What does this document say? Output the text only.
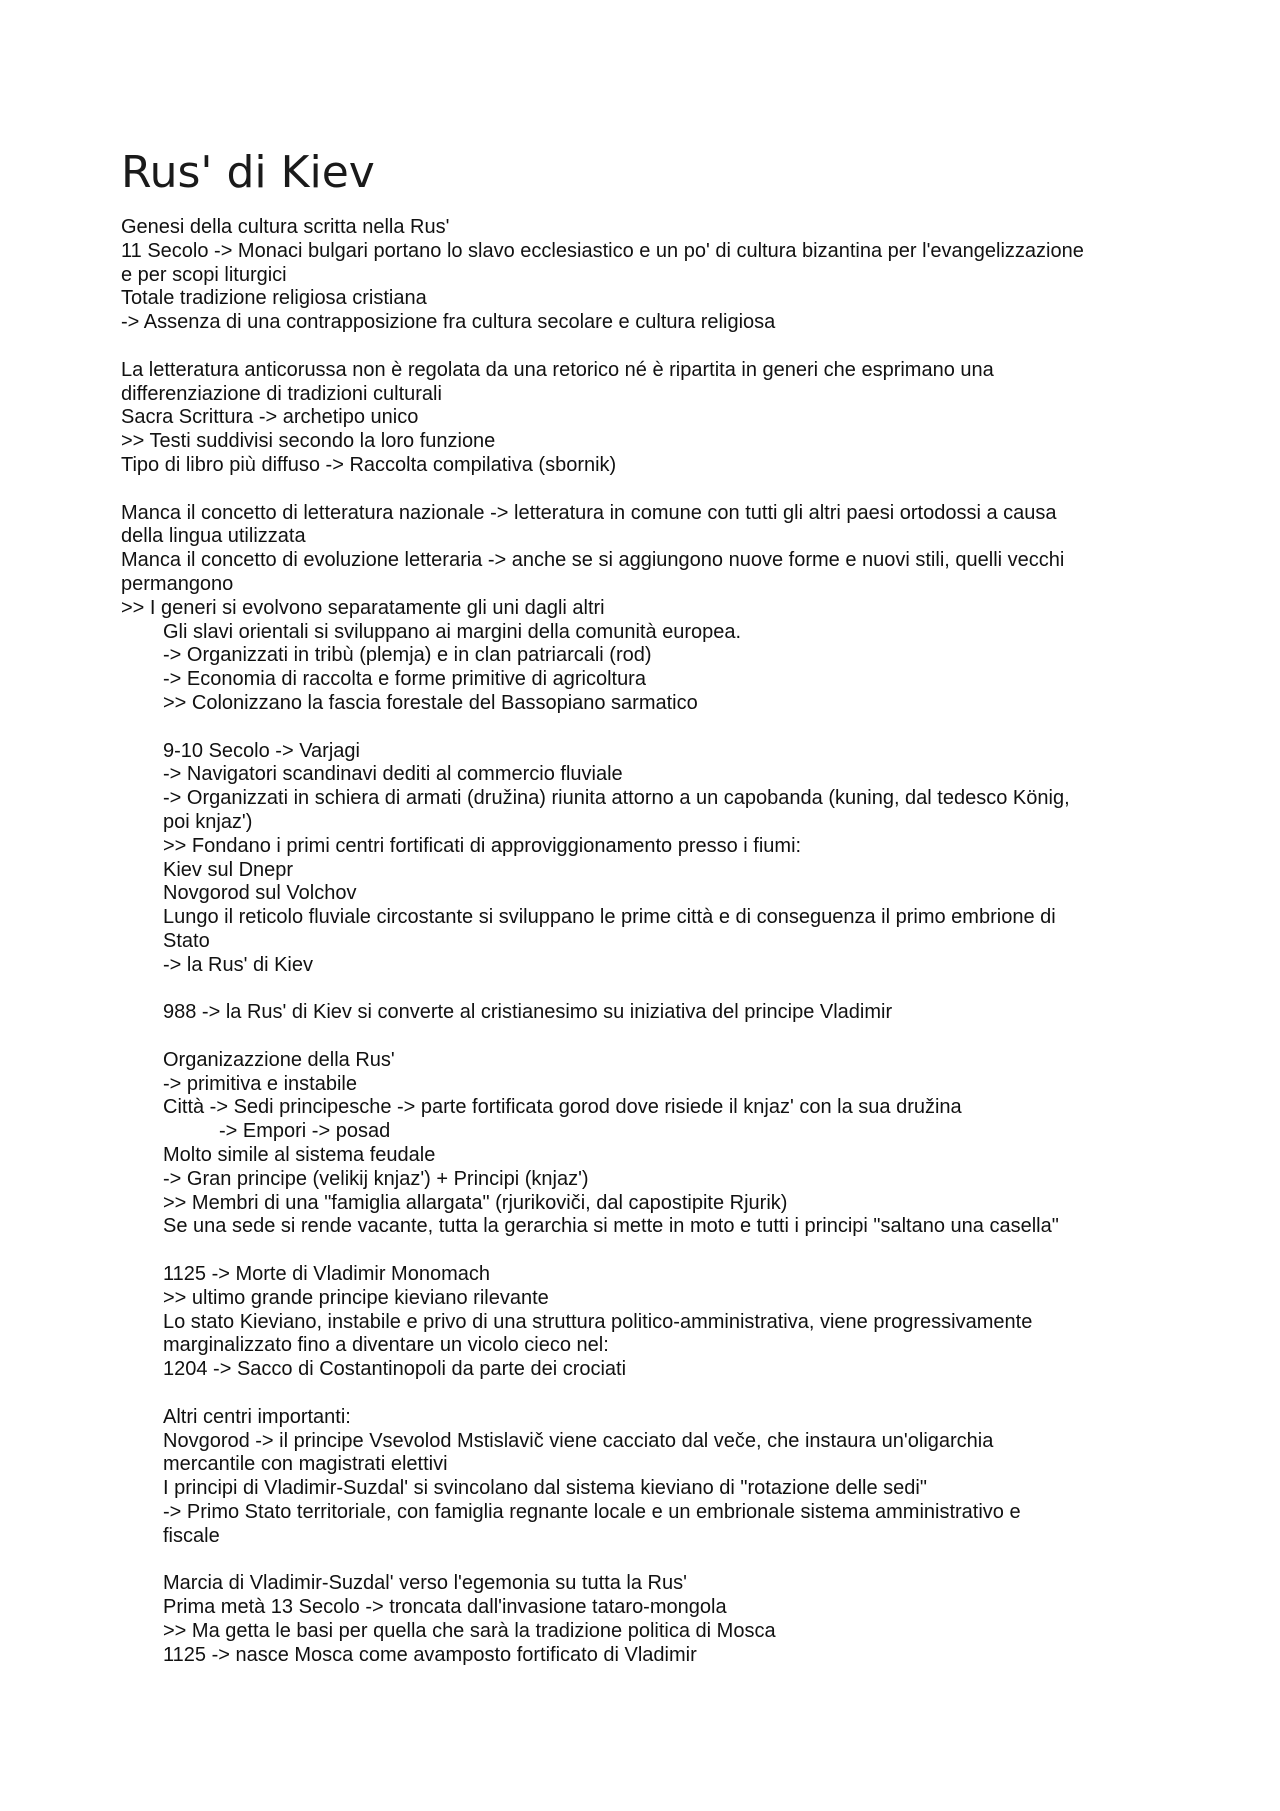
Rus' di Kiev
Genesi della cultura scritta nella Rus'
11 Secolo -> Monaci bulgari portano lo slavo ecclesiastico e un po' di cultura bizantina per l'evangelizzazione
e per scopi liturgici
Totale tradizione religiosa cristiana
-> Assenza di una contrapposizione fra cultura secolare e cultura religiosa
La letteratura anticorussa non è regolata da una retorico né è ripartita in generi che esprimano una
differenziazione di tradizioni culturali
Sacra Scrittura -> archetipo unico
>> Testi suddivisi secondo la loro funzione
Tipo di libro più diffuso -> Raccolta compilativa (sbornik)
Manca il concetto di letteratura nazionale -> letteratura in comune con tutti gli altri paesi ortodossi a causa
della lingua utilizzata
Manca il concetto di evoluzione letteraria -> anche se si aggiungono nuove forme e nuovi stili, quelli vecchi
permangono
>> I generi si evolvono separatamente gli uni dagli altri
Gli slavi orientali si sviluppano ai margini della comunità europea.
-> Organizzati in tribù (plemja) e in clan patriarcali (rod)
-> Economia di raccolta e forme primitive di agricoltura
>> Colonizzano la fascia forestale del Bassopiano sarmatico
9-10 Secolo -> Varjagi
-> Navigatori scandinavi dediti al commercio fluviale
-> Organizzati in schiera di armati (družina) riunita attorno a un capobanda (kuning, dal tedesco König,
poi knjaz')
>> Fondano i primi centri fortificati di approviggionamento presso i fiumi:
Kiev sul Dnepr
Novgorod sul Volchov
Lungo il reticolo fluviale circostante si sviluppano le prime città e di conseguenza il primo embrione di
Stato
-> la Rus' di Kiev
988 -> la Rus' di Kiev si converte al cristianesimo su iniziativa del principe Vladimir
Organizazzione della Rus'
-> primitiva e instabile
Città -> Sedi principesche -> parte fortificata gorod dove risiede il knjaz' con la sua družina
-> Empori -> posad
Molto simile al sistema feudale
-> Gran principe (velikij knjaz') + Principi (knjaz')
>> Membri di una "famiglia allargata" (rjurikoviči, dal capostipite Rjurik)
Se una sede si rende vacante, tutta la gerarchia si mette in moto e tutti i principi "saltano una casella"
1125 -> Morte di Vladimir Monomach
>> ultimo grande principe kieviano rilevante
Lo stato Kieviano, instabile e privo di una struttura politico-amministrativa, viene progressivamente
marginalizzato fino a diventare un vicolo cieco nel:
1204 -> Sacco di Costantinopoli da parte dei crociati
Altri centri importanti:
Novgorod -> il principe Vsevolod Mstislavič viene cacciato dal veče, che instaura un'oligarchia
mercantile con magistrati elettivi
I principi di Vladimir-Suzdal' si svincolano dal sistema kieviano di "rotazione delle sedi"
-> Primo Stato territoriale, con famiglia regnante locale e un embrionale sistema amministrativo e
fiscale
Marcia di Vladimir-Suzdal' verso l'egemonia su tutta la Rus'
Prima metà 13 Secolo -> troncata dall'invasione tataro-mongola
>> Ma getta le basi per quella che sarà la tradizione politica di Mosca
1125 -> nasce Mosca come avamposto fortificato di Vladimir
